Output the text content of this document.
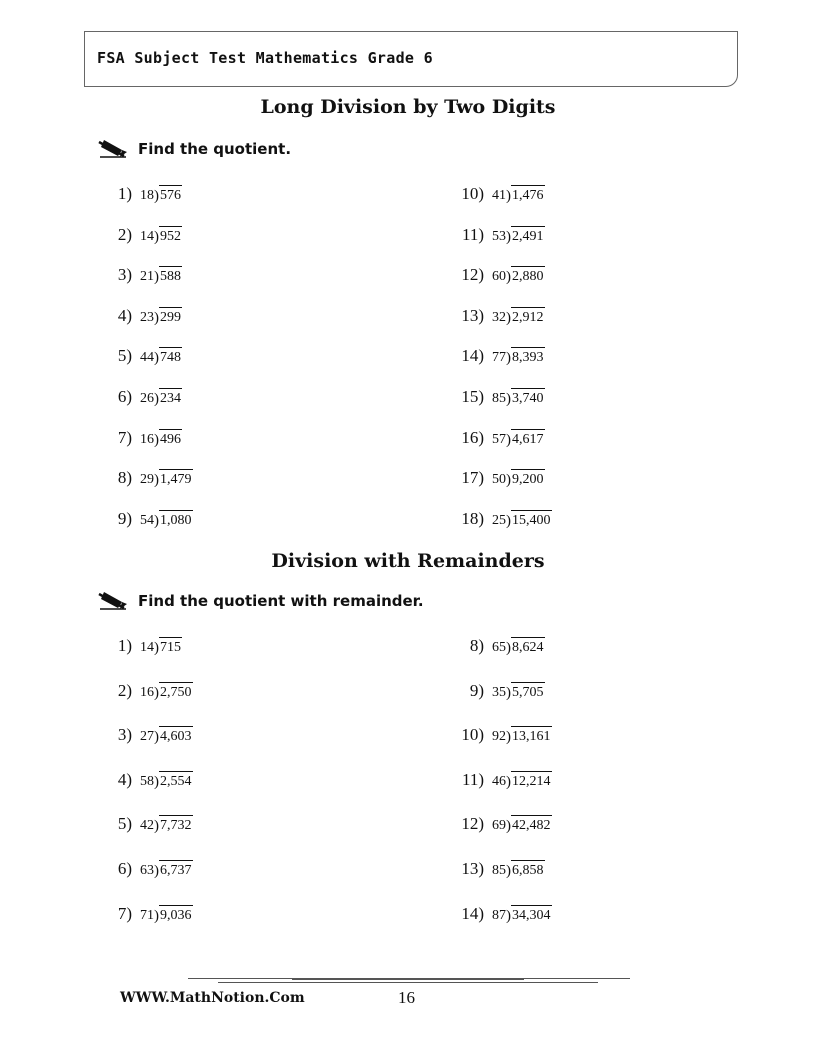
FSA Subject Test Mathematics Grade 6
Long Division by Two Digits
Find the quotient.
1) 18 ) 576
2) 14 ) 952
3) 21 ) 588
4) 23 ) 299
5) 44 ) 748
6) 26 ) 234
7) 16 ) 496
8) 29 ) 1,479
9) 54 ) 1,080
10) 41 ) 1,476
11) 53 ) 2,491
12) 60 ) 2,880
13) 32 ) 2,912
14) 77 ) 8,393
15) 85 ) 3,740
16) 57 ) 4,617
17) 50 ) 9,200
18) 25 ) 15,400
Division with Remainders
Find the quotient with remainder.
1) 14 ) 715
2) 16 ) 2,750
3) 27 ) 4,603
4) 58 ) 2,554
5) 42 ) 7,732
6) 63 ) 6,737
7) 71 ) 9,036
8) 65 ) 8,624
9) 35 ) 5,705
10) 92 ) 13,161
11) 46 ) 12,214
12) 69 ) 42,482
13) 85 ) 6,858
14) 87 ) 34,304
WWW.MathNotion.Com	16
